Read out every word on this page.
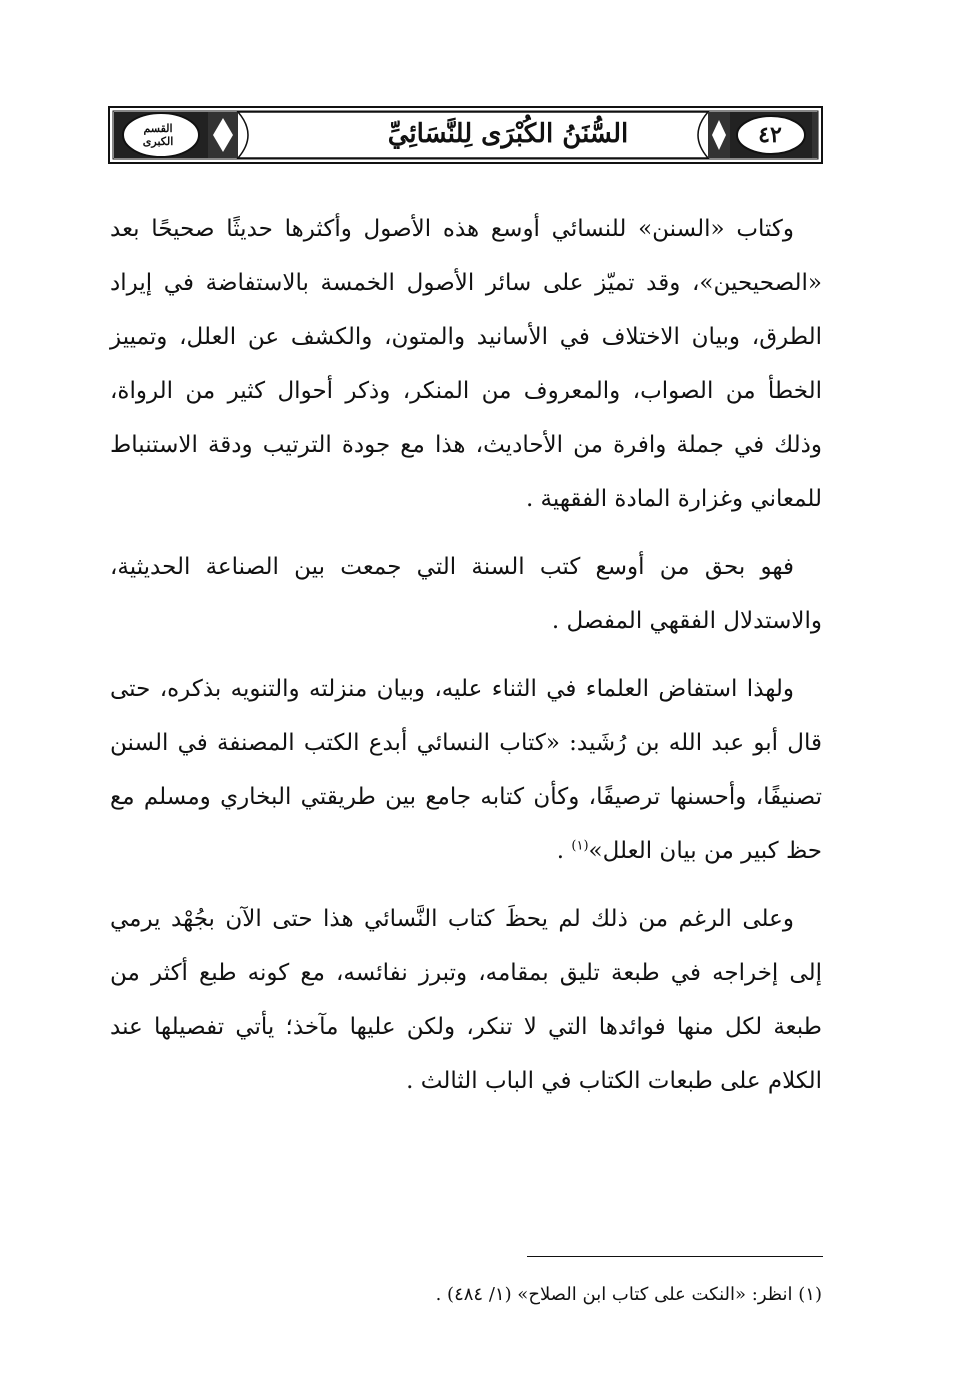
القسم
الكبرى	السُّنَنُ الكُبْرَى لِلنَّسَائِيِّ	٤٢

وكتاب «السنن» للنسائي أوسع هذه الأصول وأكثرها حديثًا صحيحًا بعد «الصحيحين»، وقد تميّز على سائر الأصول الخمسة بالاستفاضة في إيراد الطرق، وبيان الاختلاف في الأسانيد والمتون، والكشف عن العلل، وتمييز الخطأ من الصواب، والمعروف من المنكر، وذكر أحوال كثير من الرواة، وذلك في جملة وافرة من الأحاديث، هذا مع جودة الترتيب ودقة الاستنباط للمعاني وغزارة المادة الفقهية .

فهو بحق من أوسع كتب السنة التي جمعت بين الصناعة الحديثية، والاستدلال الفقهي المفصل .

ولهذا استفاض العلماء في الثناء عليه، وبيان منزلته والتنويه بذكره، حتى قال أبو عبد الله بن رُشَيد: «كتاب النسائي أبدع الكتب المصنفة في السنن تصنيفًا، وأحسنها ترصيفًا، وكأن كتابه جامع بين طريقتي البخاري ومسلم مع حظ كبير من بيان العلل»$^{(١)}$ .

وعلى الرغم من ذلك لم يحظَ كتاب النَّسائي هذا حتى الآن بجُهْد يرمي إلى إخراجه في طبعة تليق بمقامه، وتبرز نفائسه، مع كونه طبع أكثر من طبعة لكل منها فوائدها التي لا تنكر، ولكن عليها مآخذ؛ يأتي تفصيلها عند الكلام على طبعات الكتاب في الباب الثالث .

(١) انظر: «النكت على كتاب ابن الصلاح» (١/ ٤٨٤) .
